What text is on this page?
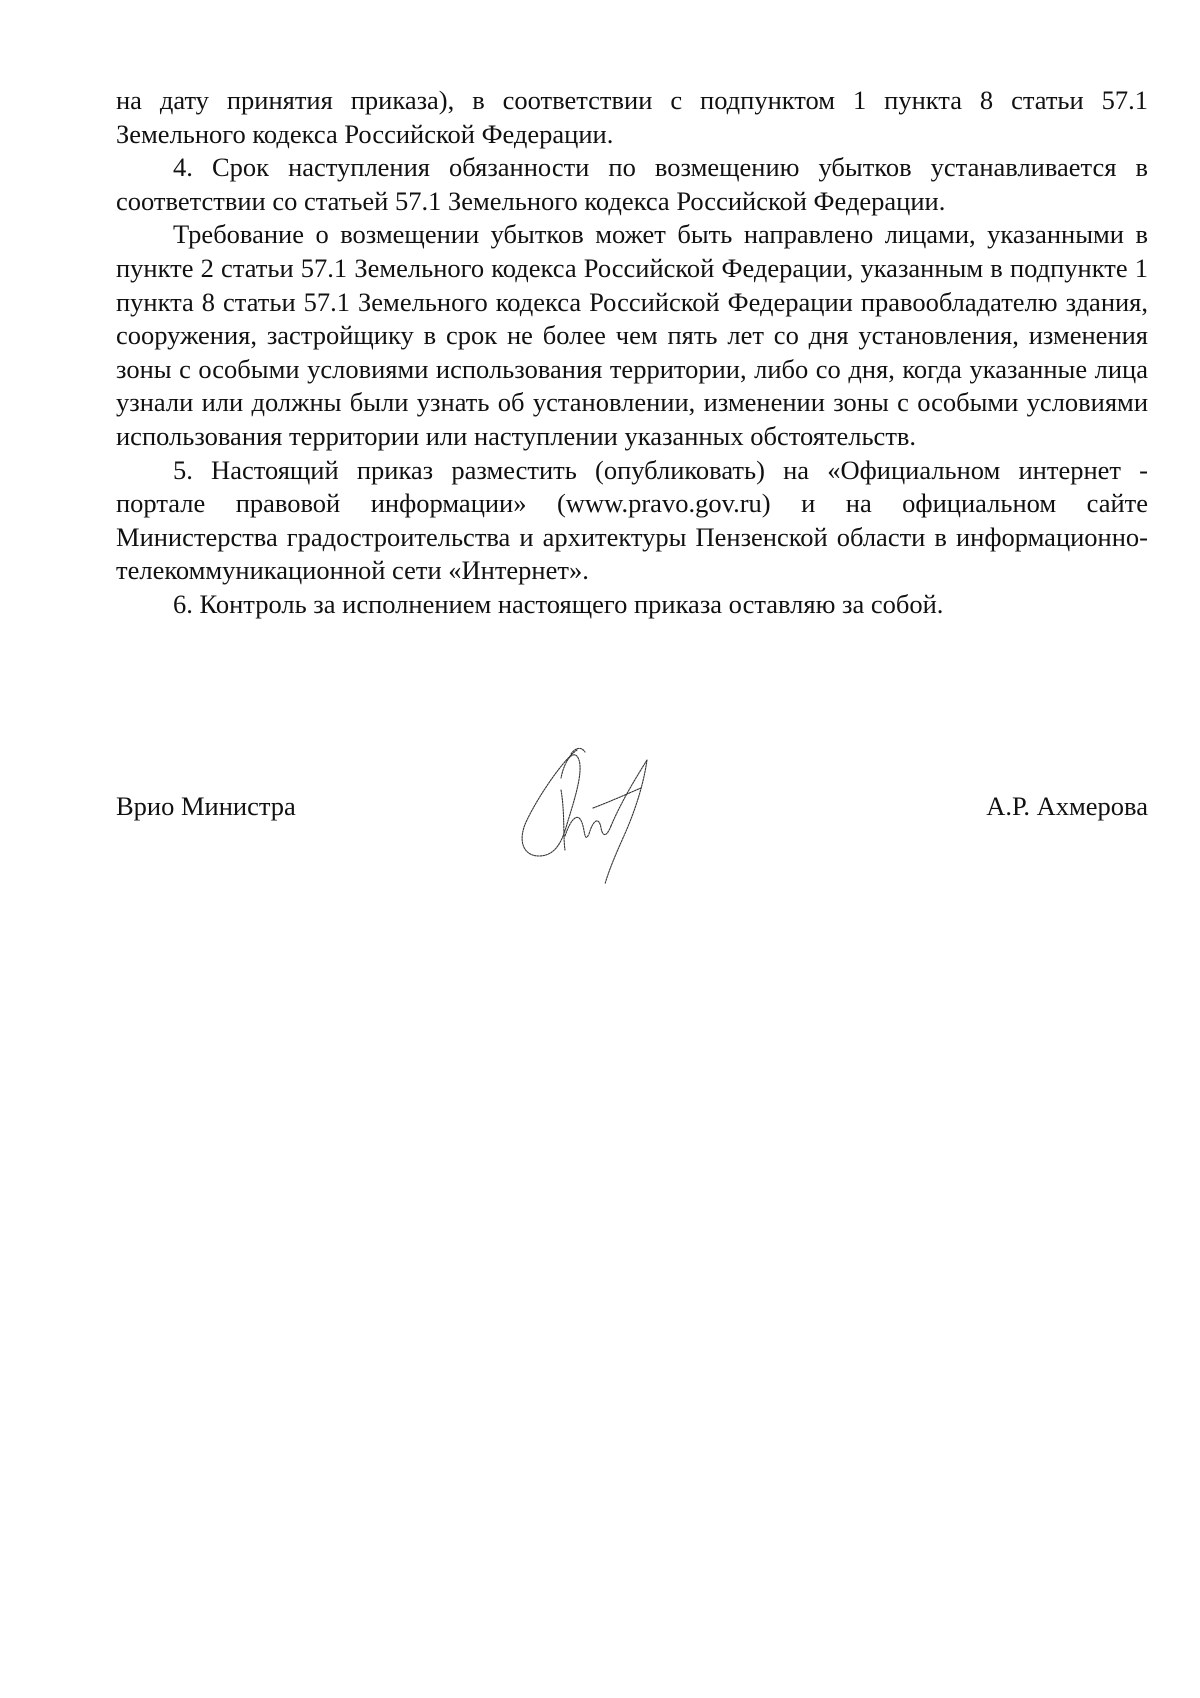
на дату принятия приказа), в соответствии с подпунктом 1 пункта 8 статьи 57.1 Земельного кодекса Российской Федерации.

4. Срок наступления обязанности по возмещению убытков устанавливается в соответствии со статьей 57.1 Земельного кодекса Российской Федерации.

Требование о возмещении убытков может быть направлено лицами, указанными в пункте 2 статьи 57.1 Земельного кодекса Российской Федерации, указанным в подпункте 1 пункта 8 статьи 57.1 Земельного кодекса Российской Федерации правообладателю здания, сооружения, застройщику в срок не более чем пять лет со дня установления, изменения зоны с особыми условиями использования территории, либо со дня, когда указанные лица узнали или должны были узнать об установлении, изменении зоны с особыми условиями использования территории или наступлении указанных обстоятельств.

5. Настоящий приказ разместить (опубликовать) на «Официальном интернет - портале правовой информации» (www.pravo.gov.ru) и на официальном сайте Министерства градостроительства и архитектуры Пензенской области в информационно-телекоммуникационной сети «Интернет».

6. Контроль за исполнением настоящего приказа оставляю за собой.

Врио Министра	А.Р. Ахмерова
